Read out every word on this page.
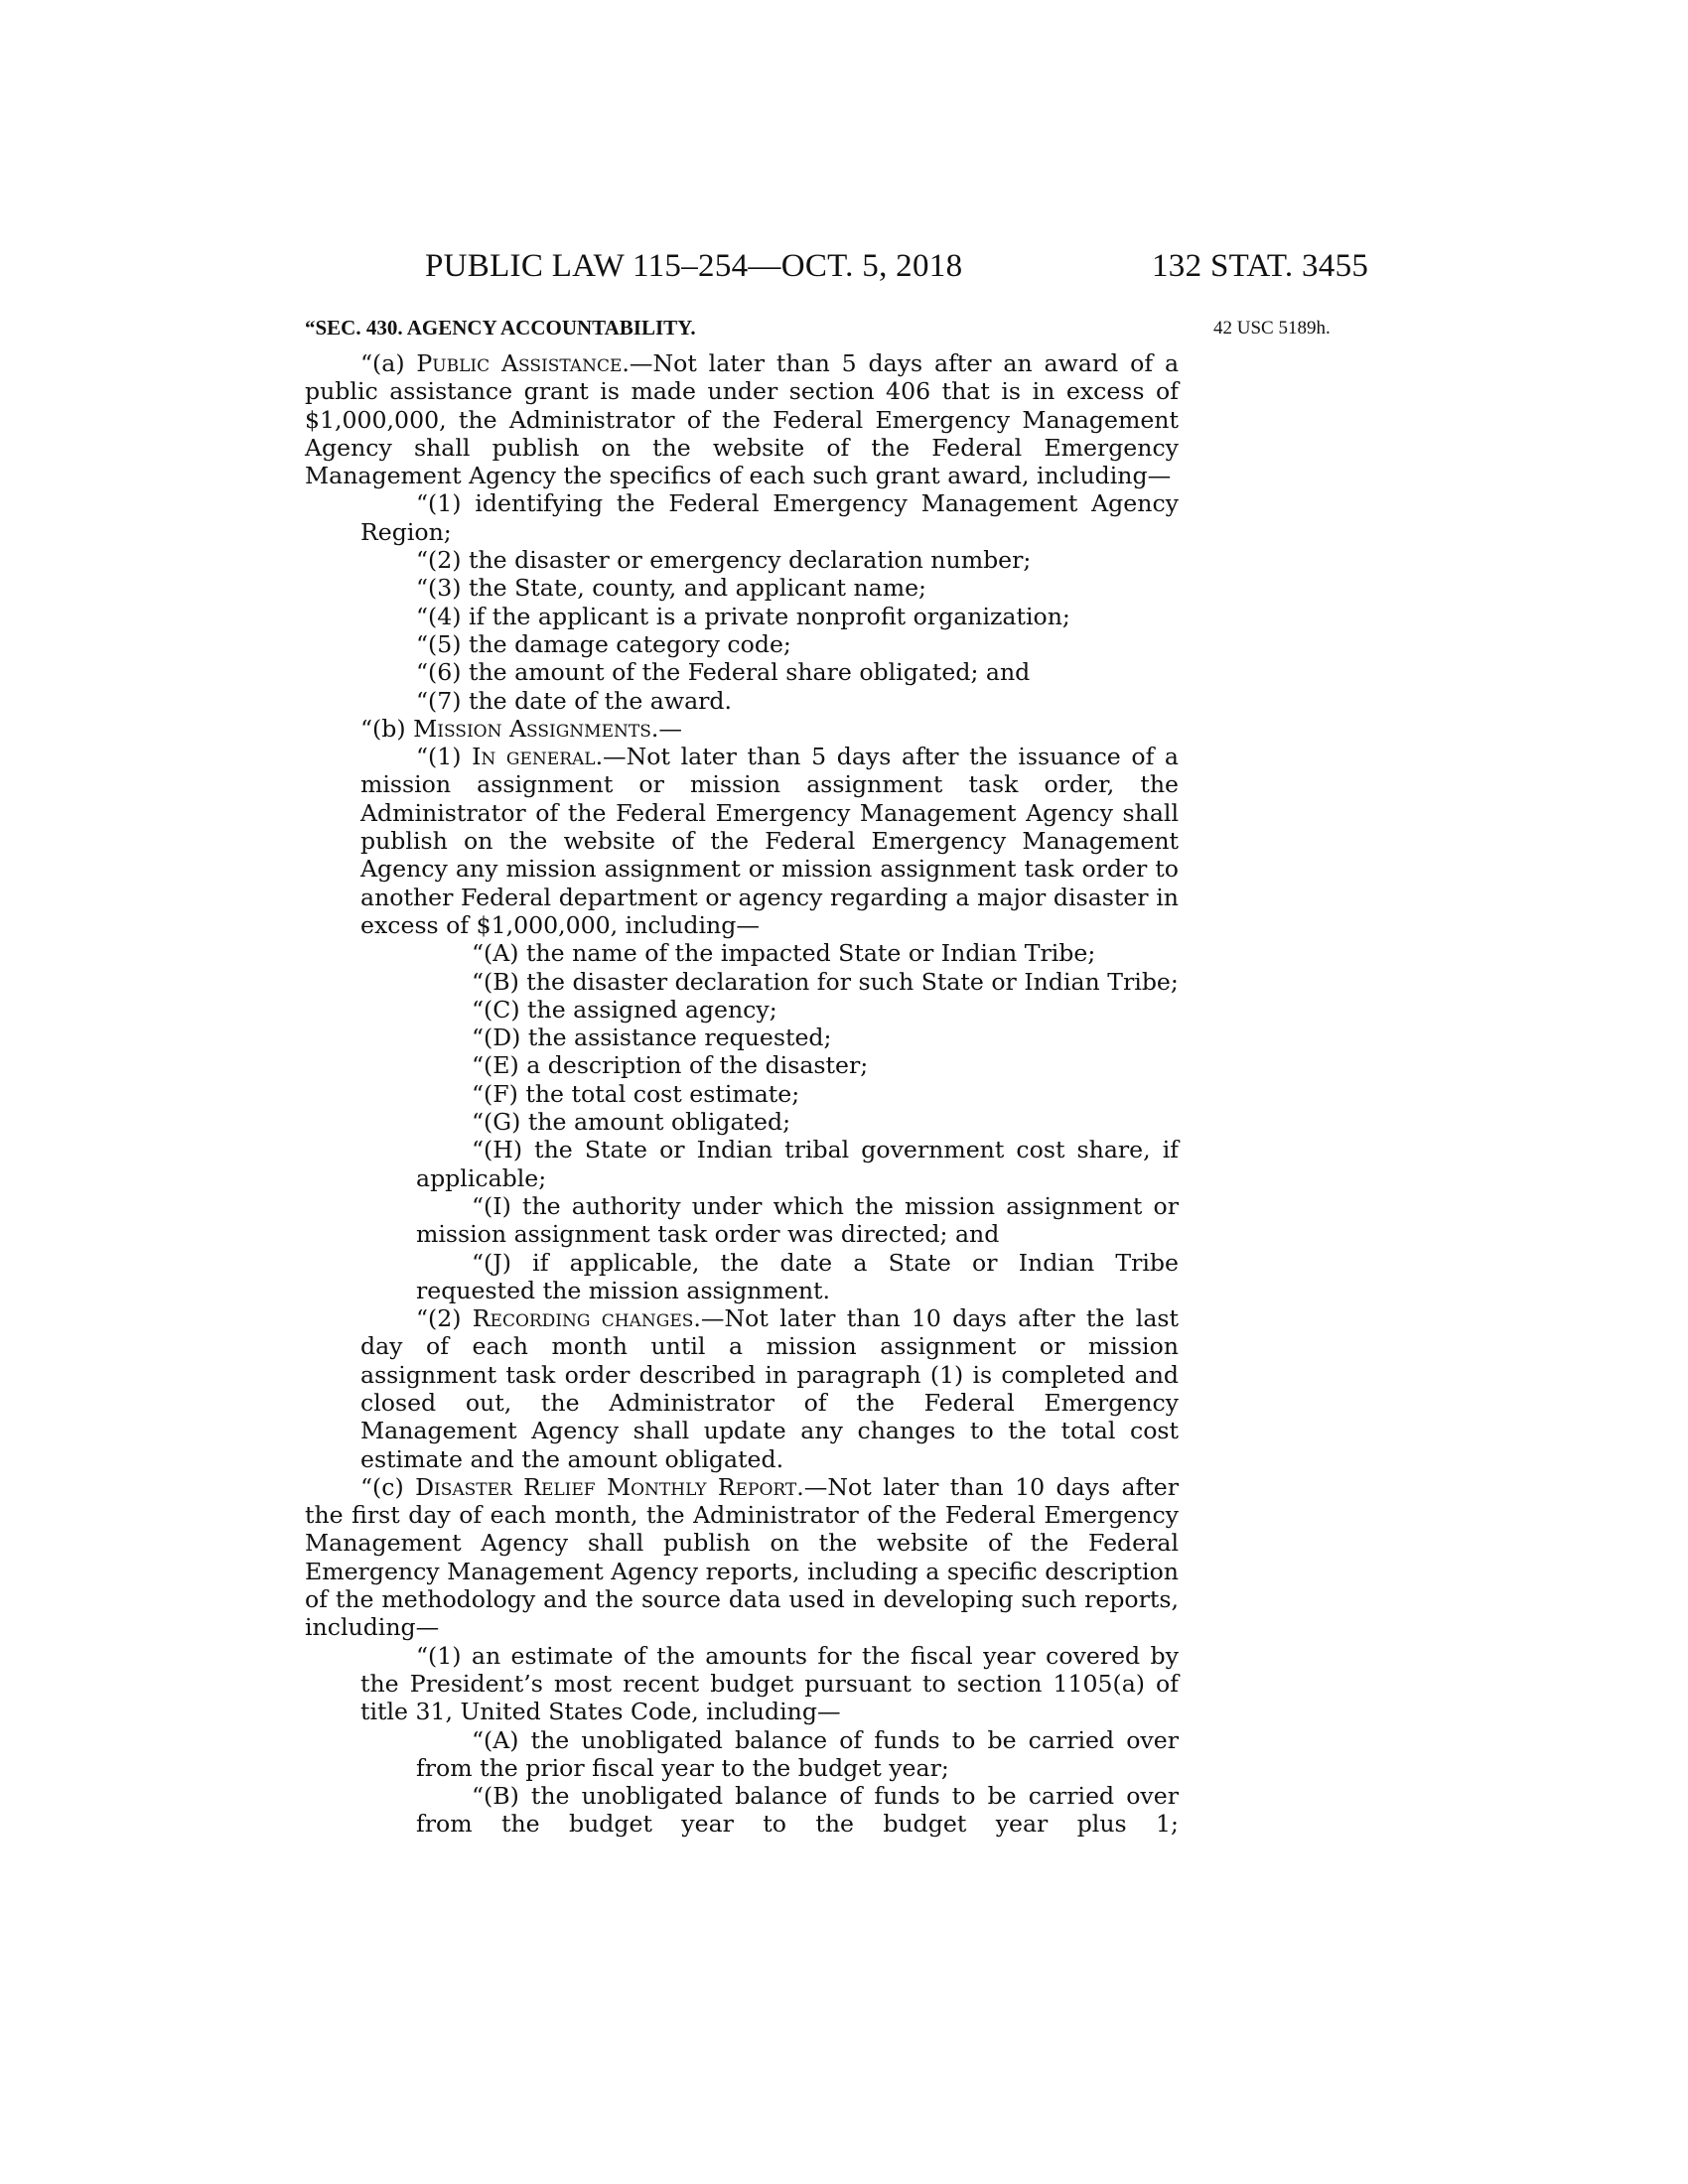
PUBLIC LAW 115–254—OCT. 5, 2018	132 STAT. 3455
“SEC. 430. AGENCY ACCOUNTABILITY.	42 USC 5189h.

“(a) Public Assistance.—Not later than 5 days after an award of a public assistance grant is made under section 406 that is in excess of $1,000,000, the Administrator of the Federal Emergency Management Agency shall publish on the website of the Federal Emergency Management Agency the specifics of each such grant award, including—

“(1) identifying the Federal Emergency Management Agency Region;

“(2) the disaster or emergency declaration number;

“(3) the State, county, and applicant name;

“(4) if the applicant is a private nonprofit organization;

“(5) the damage category code;

“(6) the amount of the Federal share obligated; and

“(7) the date of the award.

“(b) Mission Assignments.—

“(1) In general.—Not later than 5 days after the issuance of a mission assignment or mission assignment task order, the Administrator of the Federal Emergency Management Agency shall publish on the website of the Federal Emergency Management Agency any mission assignment or mission assignment task order to another Federal department or agency regarding a major disaster in excess of $1,000,000, including—

“(A) the name of the impacted State or Indian Tribe;

“(B) the disaster declaration for such State or Indian Tribe;

“(C) the assigned agency;

“(D) the assistance requested;

“(E) a description of the disaster;

“(F) the total cost estimate;

“(G) the amount obligated;

“(H) the State or Indian tribal government cost share, if applicable;

“(I) the authority under which the mission assignment or mission assignment task order was directed; and

“(J) if applicable, the date a State or Indian Tribe requested the mission assignment.

“(2) Recording changes.—Not later than 10 days after the last day of each month until a mission assignment or mission assignment task order described in paragraph (1) is completed and closed out, the Administrator of the Federal Emergency Management Agency shall update any changes to the total cost estimate and the amount obligated.

“(c) Disaster Relief Monthly Report.—Not later than 10 days after the first day of each month, the Administrator of the Federal Emergency Management Agency shall publish on the website of the Federal Emergency Management Agency reports, including a specific description of the methodology and the source data used in developing such reports, including—

“(1) an estimate of the amounts for the fiscal year covered by the President’s most recent budget pursuant to section 1105(a) of title 31, United States Code, including—

“(A) the unobligated balance of funds to be carried over from the prior fiscal year to the budget year;

“(B) the unobligated balance of funds to be carried over from the budget year to the budget year plus 1;
